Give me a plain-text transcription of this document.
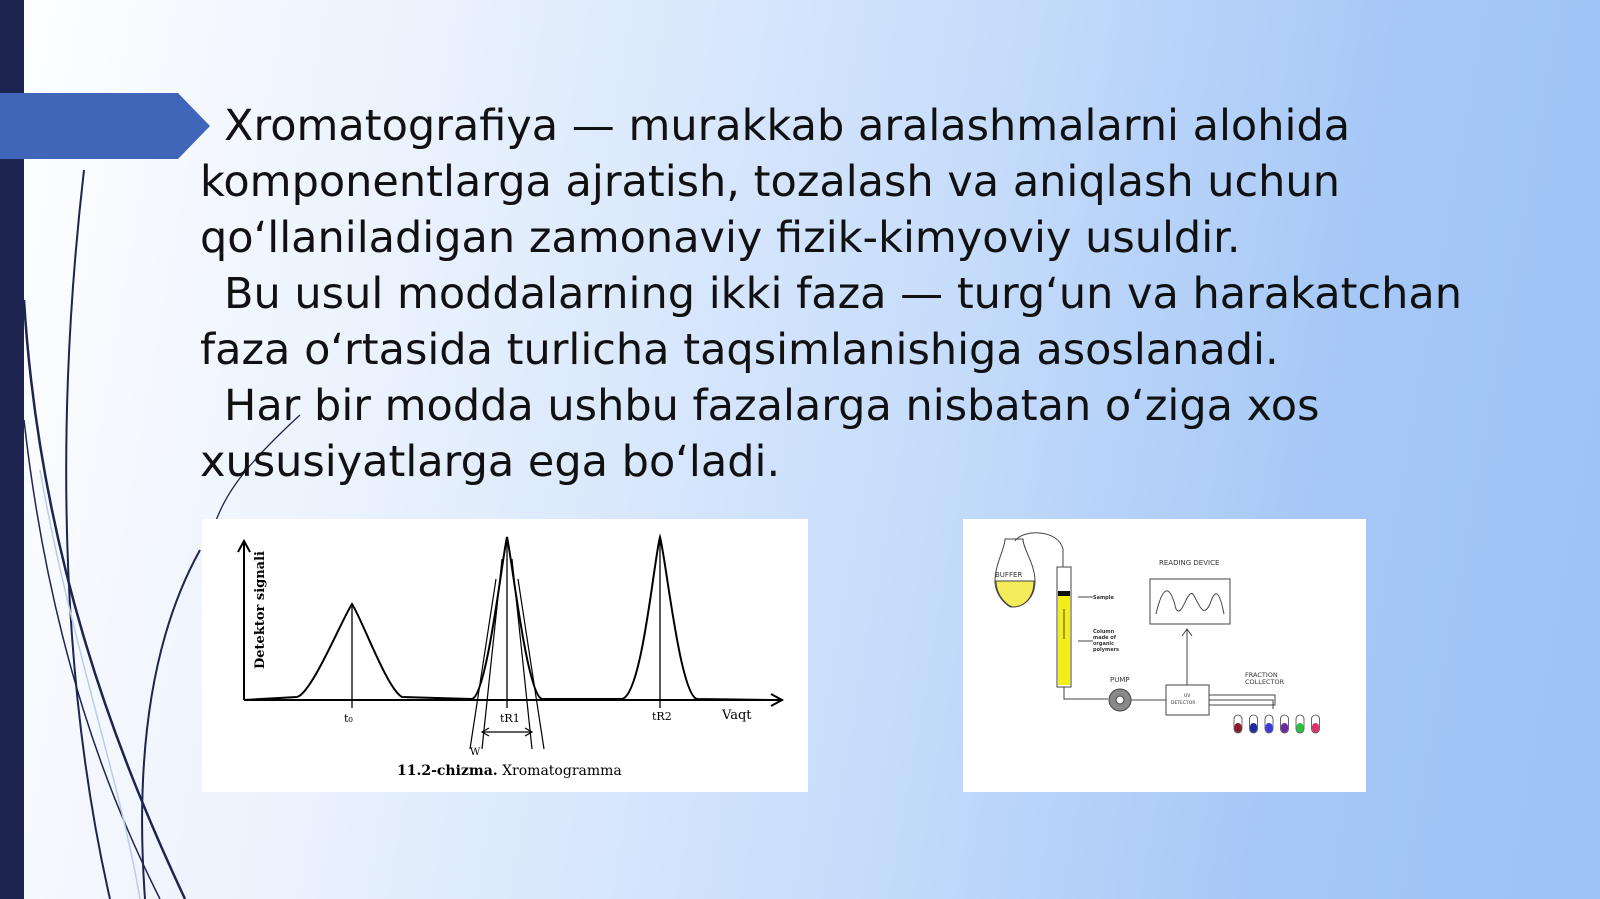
Xromatografiya — murakkab aralashmalarni alohida komponentlarga ajratish, tozalash va aniqlash uchun qoʻllaniladigan zamonaviy fizik-kimyoviy usuldir.

Bu usul moddalarning ikki faza — turgʻun va harakatchan faza oʻrtasida turlicha taqsimlanishiga asoslanadi.

Har bir modda ushbu fazalarga nisbatan oʻziga xos xususiyatlarga ega boʻladi.

Detektor signali
t₀	tR1	tR2	Vaqt
W
11.2-chizma. Xromatogramma
BUFFER
Sample
Column
made of
organic
polymers
PUMP
UV
DETECTOR
READING DEVICE
FRACTION
COLLECTOR
